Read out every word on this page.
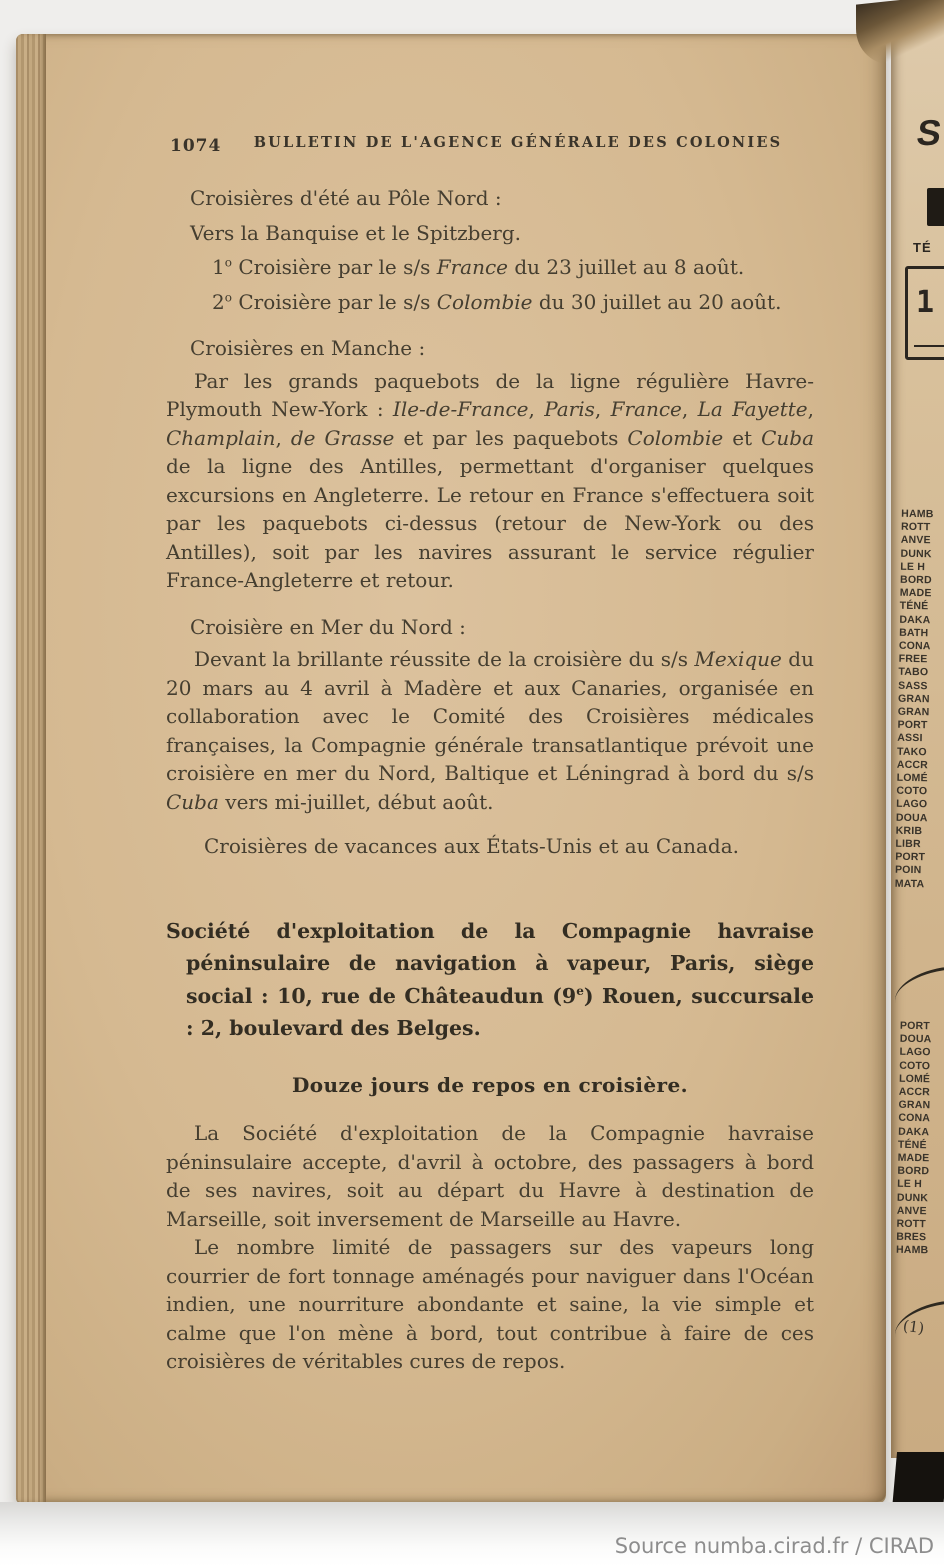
1074	BULLETIN DE L'AGENCE GÉNÉRALE DES COLONIES

Croisières d'été au Pôle Nord :

Vers la Banquise et le Spitzberg.

1$^o$ Croisière par le s/s France du 23 juillet au 8 août.

2$^o$ Croisière par le s/s Colombie du 30 juillet au 20 août.

Croisières en Manche :

Par les grands paquebots de la ligne régulière Havre-Plymouth New-York : Ile-de-France, Paris, France, La Fayette, Champlain, de Grasse et par les paquebots Colombie et Cuba de la ligne des Antilles, permettant d'organiser quelques excursions en Angleterre. Le retour en France s'effectuera soit par les paquebots ci-dessus (retour de New-York ou des Antilles), soit par les navires assurant le service régulier France-Angleterre et retour.

Croisière en Mer du Nord :

Devant la brillante réussite de la croisière du s/s Mexique du 20 mars au 4 avril à Madère et aux Canaries, organisée en collaboration avec le Comité des Croisières médicales françaises, la Compagnie générale transatlantique prévoit une croisière en mer du Nord, Baltique et Léningrad à bord du s/s Cuba vers mi-juillet, début août.

Croisières de vacances aux États-Unis et au Canada.

Société d'exploitation de la Compagnie havraise péninsulaire de navigation à vapeur, Paris, siège social : 10, rue de Châteaudun (9e) Rouen, succursale : 2, boulevard des Belges.

Douze jours de repos en croisière.

La Société d'exploitation de la Compagnie havraise péninsulaire accepte, d'avril à octobre, des passagers à bord de ses navires, soit au départ du Havre à destination de Marseille, soit inversement de Marseille au Havre.

Le nombre limité de passagers sur des vapeurs long courrier de fort tonnage aménagés pour naviguer dans l'Océan indien, une nourriture abondante et saine, la vie simple et calme que l'on mène à bord, tout contribue à faire de ces croisières de véritables cures de repos.

S
TÉ
1
HAMB
ROTT
ANVE
DUNK
LE H
BORD
MADE
TÉNÉ
DAKA
BATH
CONA
FREE
TABO
SASS
GRAN
GRAN
PORT
ASSI
TAKO
ACCR
LOMÉ
COTO
LAGO
DOUA
KRIB
LIBR
PORT
POIN
MATA
PORT
DOUA
LAGO
COTO
LOMÉ
ACCR
GRAN
CONA
DAKA
TÉNÉ
MADE
BORD
LE H
DUNK
ANVE
ROTT
BRES
HAMB
(1)
Source numba.cirad.fr / CIRAD
